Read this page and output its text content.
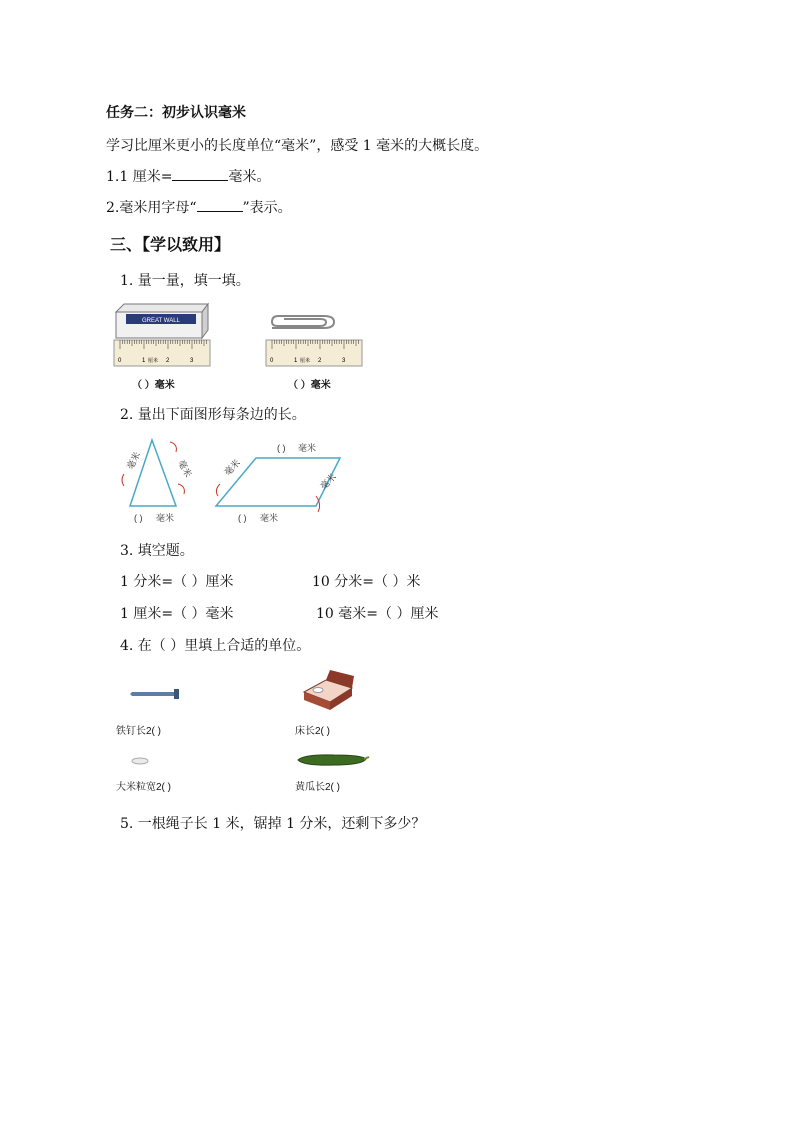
任务二：初步认识毫米
学习比厘米更小的长度单位“毫米”，感受 1 毫米的大概长度。
1.1 厘米=	毫米。
2.毫米用字母“	”表示。
三、【学以致用】
1. 量一量，填一填。
GREAT WALL
0	1 厘米 2	3
（ ）毫米
0	1 厘米 2	3
（ ）毫米
2. 量出下面图形每条边的长。
毫米	毫米
( ) 毫米
( ) 毫米
毫米
毫米
( ) 毫米
3. 填空题。
1 分米=（ ）厘米	10 分米=（ ）米
1 厘米=（ ）毫米	10 毫米=（ ）厘米
4. 在（ ）里填上合适的单位。
铁钉长2( )	床长2( )
大米粒宽2( )	黄瓜长2( )
5. 一根绳子长 1 米，锯掉 1 分米，还剩下多少？
